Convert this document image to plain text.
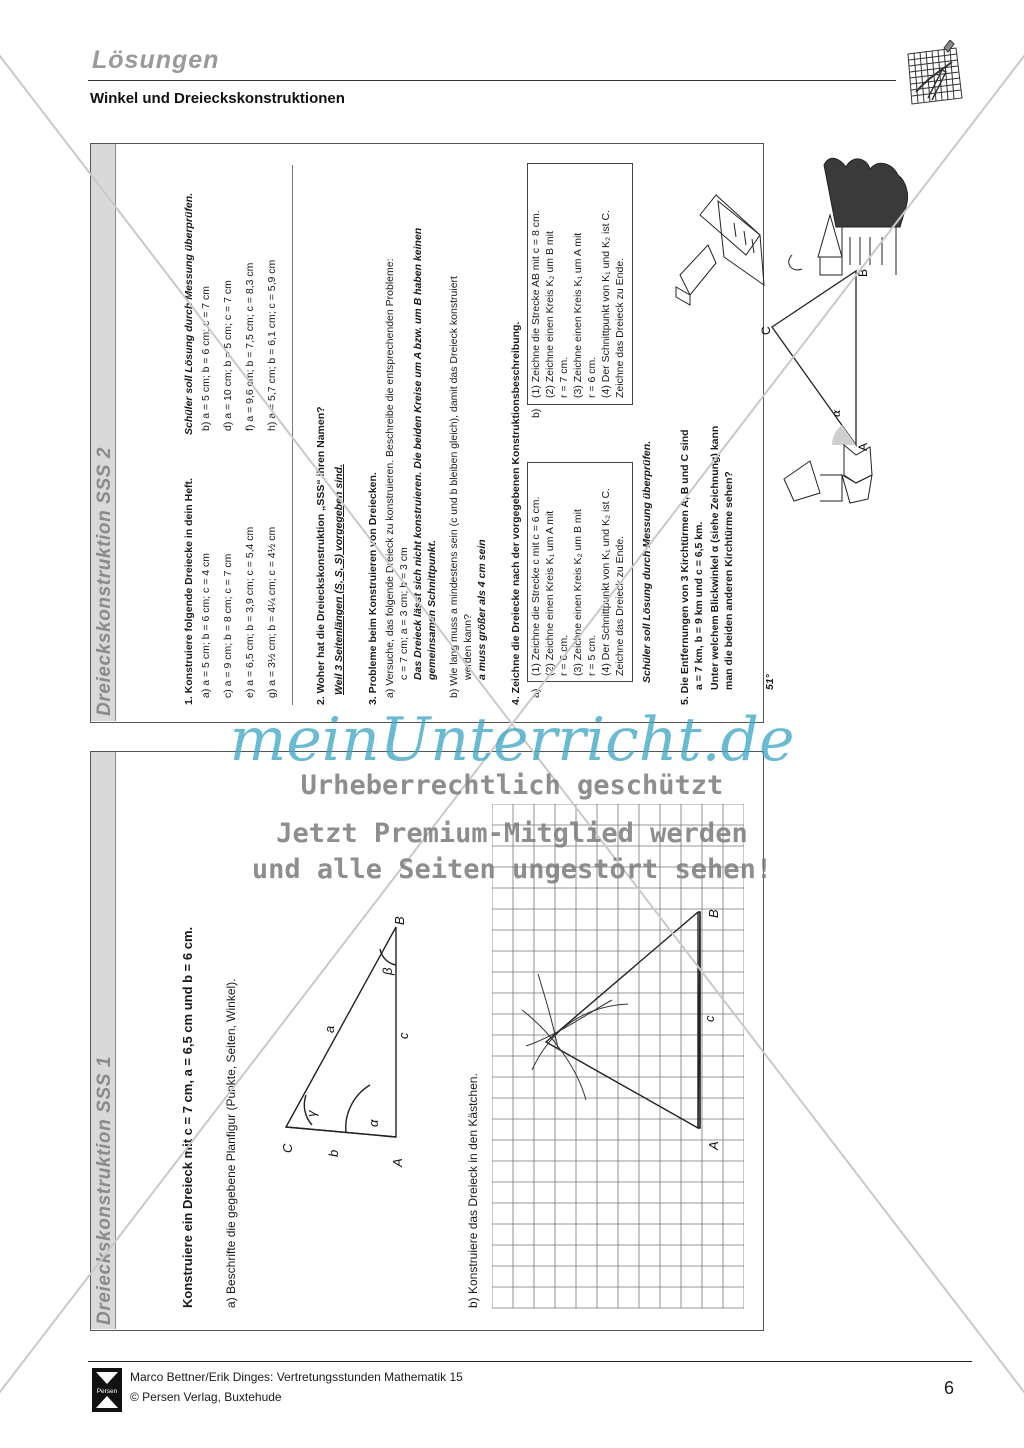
Lösungen
Winkel und Dreieckskonstruktionen
Dreieckskonstruktion SSS 2	1. Konstruiere folgende Dreiecke in dein Heft.
Schüler soll Lösung durch Messung überprüfen.
a) a = 5 cm; b = 6 cm; c = 4 cm
b) a = 5 cm; b = 6 cm; c = 7 cm
c) a = 9 cm; b = 8 cm; c = 7 cm
d) a = 10 cm; b = 5 cm; c = 7 cm
e) a = 6,5 cm; b = 3,9 cm; c = 5,4 cm
f) a = 9,6 cm; b = 7,5 cm; c = 8,3 cm
g) a = 3½ cm; b = 4¼ cm; c = 4½ cm
h) a = 5,7 cm; b = 6,1 cm; c = 5,9 cm
2. Woher hat die Dreieckskonstruktion „SSS“ ihren Namen? Weil 3 Seitenlängen (S, S, S) vorgegeben sind.	3. Probleme beim Konstruieren von Dreiecken. a) Versuche, das folgende Dreieck zu konstruieren. Beschreibe die entsprechenden Probleme: c = 7 cm; a = 3 cm; b = 3 cm Das Dreieck lässt sich nicht konstruieren. Die beiden Kreise um A bzw. um B haben keinen gemeinsamen Schnittpunkt. b) Wie lang muss a mindestens sein (c und b bleiben gleich), damit das Dreieck konstruiert werden kann? a muss größer als 4 cm sein 4. Zeichne die Dreiecke nach der vorgegebenen Konstruktionsbeschreibung. a)
(1) Zeichne die Strecke c mit c = 6 cm. (2) Zeichne einen Kreis K₁ um A mit r = 6 cm. (3) Zeichne einen Kreis K₂ um B mit r = 5 cm. (4) Der Schnittpunkt von K₁ und K₂ ist C. Zeichne das Dreieck zu Ende.
b)
(1) Zeichne die Strecke AB mit c = 8 cm. (2) Zeichne einen Kreis K₂ um B mit r = 7 cm. (3) Zeichne einen Kreis K₁ um A mit r = 6 cm. (4) Der Schnittpunkt von K₁ und K₂ ist C. Zeichne das Dreieck zu Ende.
Schüler soll Lösung durch Messung überprüfen. 5. Die Entfernungen von 3 Kirchtürmen A, B und C sind a = 7 km, b = 9 km und c = 6,5 km. Unter welchem Blickwinkel α (siehe Zeichnung) kann man die beiden anderen Kirchtürme sehen?	51°
C
B
A
α
Dreieckskonstruktion SSS 1	Konstruiere ein Dreieck mit c = 7 cm, a = 6,5 cm und b = 6 cm. a) Beschrifte die gegebene Planfigur (Punkte, Seiten, Winkel).	b) Konstruiere das Dreieck in den Kästchen.
C
B
A
a
b
c
α
β
γ
B
A
c
meinUnterricht.de
Urheberrechtlich geschützt
Jetzt Premium-Mitglied werden
und alle Seiten ungestört sehen!
Persen
Marco Bettner/Erik Dinges: Vertretungsstunden Mathematik 15
© Persen Verlag, Buxtehude	6
